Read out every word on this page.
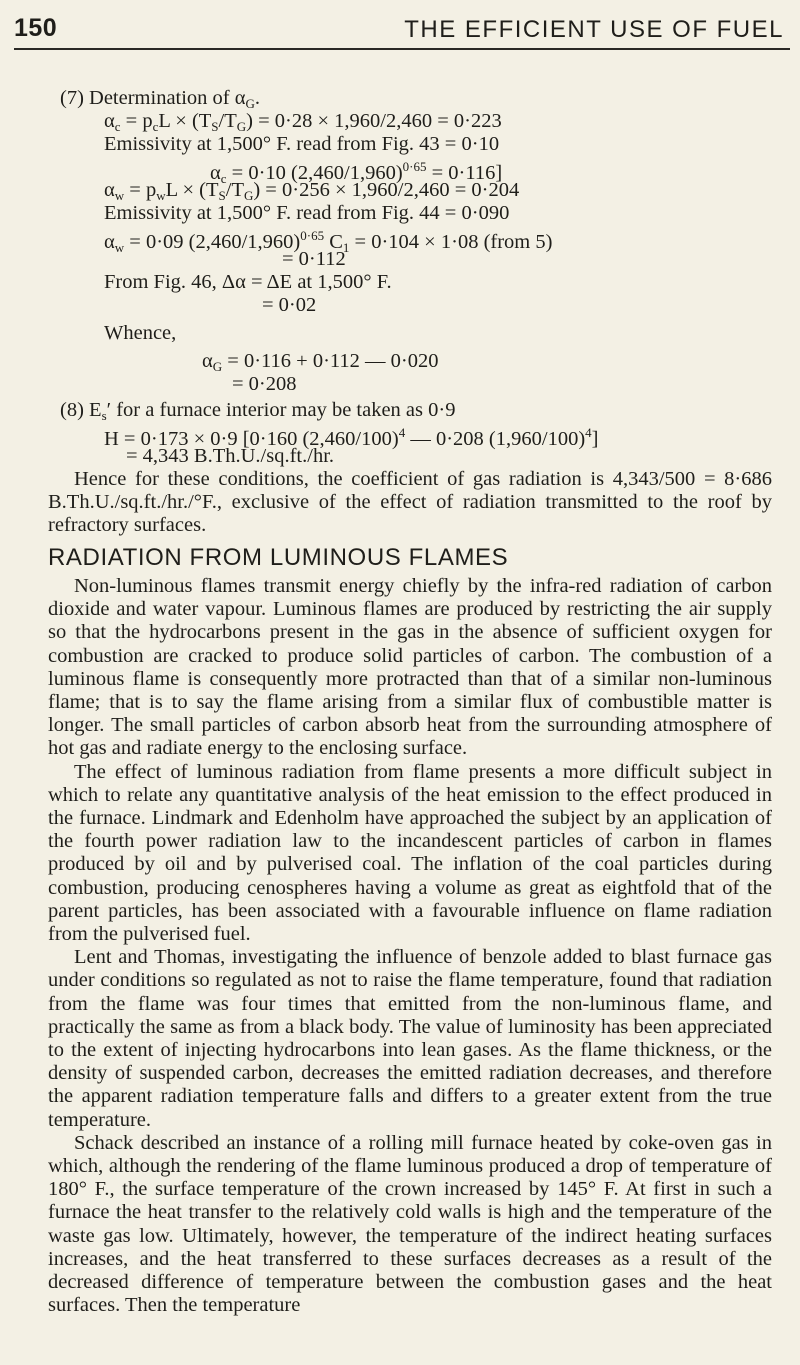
150	THE EFFICIENT USE OF FUEL
(7) Determination of $\alpha_G$.
$\alpha_c = p_cL \times (T_S/T_G) = 0\cdot 28 \times 1,960/2,460 = 0\cdot 223$
Emissivity at 1,500° F. read from Fig. 43 = 0·10
$\alpha_c = 0\cdot 10$ $(2,460/1,960)^{0\cdot 65} = 0\cdot 116$]
$\alpha_w = p_wL \times (T_S/T_G) = 0\cdot 256 \times 1,960/2,460 = 0\cdot 204$
Emissivity at 1,500° F. read from Fig. 44 = 0·090
$\alpha_w = 0\cdot 09$ $(2,460/1,960)^{0\cdot 65}$ $C_1 = 0\cdot 104 \times 1\cdot 08$ (from 5)
= 0·112
From Fig. 46, Δα = ΔE at 1,500° F.
= 0·02
Whence,
$\alpha_G = 0\cdot 116 + 0\cdot 112$ — 0·020
= 0·208
(8) $E_s'$ for a furnace interior may be taken as 0·9
H = 0·173 × 0·9 [0·160 $(2,460/100)^4$ — 0·208 $(1,960/100)^4$]
= 4,343 B.Th.U./sq.ft./hr.

Hence for these conditions, the coefficient of gas radiation is 4,343/500 = 8·686 B.Th.U./sq.ft./hr./°F., exclusive of the effect of radiation transmitted to the roof by refractory surfaces.

RADIATION FROM LUMINOUS FLAMES

Non-luminous flames transmit energy chiefly by the infra-red radiation of carbon dioxide and water vapour. Luminous flames are produced by restricting the air supply so that the hydrocarbons present in the gas in the absence of sufficient oxygen for combustion are cracked to produce solid particles of carbon. The combustion of a luminous flame is consequently more protracted than that of a similar non-luminous flame; that is to say the flame arising from a similar flux of combustible matter is longer. The small particles of carbon absorb heat from the surrounding atmosphere of hot gas and radiate energy to the enclosing surface.

The effect of luminous radiation from flame presents a more difficult subject in which to relate any quantitative analysis of the heat emission to the effect produced in the furnace. Lindmark and Edenholm have approached the subject by an application of the fourth power radiation law to the incandescent particles of carbon in flames produced by oil and by pulverised coal. The inflation of the coal particles during combustion, producing cenospheres having a volume as great as eightfold that of the parent particles, has been associated with a favourable influence on flame radiation from the pulverised fuel.

Lent and Thomas, investigating the influence of benzole added to blast furnace gas under conditions so regulated as not to raise the flame temperature, found that radiation from the flame was four times that emitted from the non-luminous flame, and practically the same as from a black body. The value of luminosity has been appreciated to the extent of injecting hydrocarbons into lean gases. As the flame thickness, or the density of suspended carbon, decreases the emitted radiation decreases, and therefore the apparent radiation temperature falls and differs to a greater extent from the true temperature.

Schack described an instance of a rolling mill furnace heated by coke-oven gas in which, although the rendering of the flame luminous produced a drop of temperature of 180° F., the surface temperature of the crown increased by 145° F. At first in such a furnace the heat transfer to the relatively cold walls is high and the temperature of the waste gas low. Ultimately, however, the temperature of the indirect heating surfaces increases, and the heat transferred to these surfaces decreases as a result of the decreased difference of temperature between the combustion gases and the heat surfaces. Then the temperature
